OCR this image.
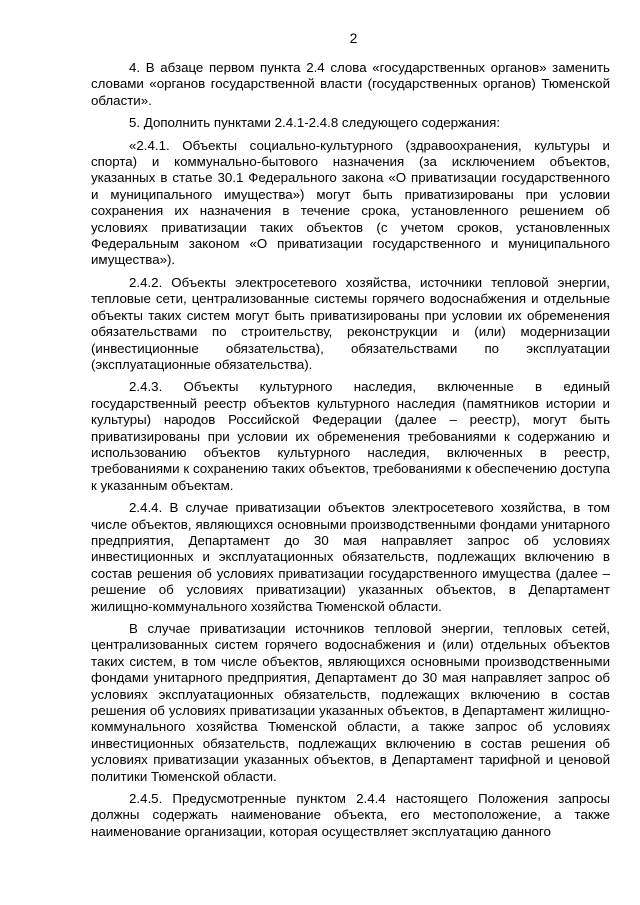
2

4. В абзаце первом пункта 2.4 слова «государственных органов» заменить словами «органов государственной власти (государственных органов) Тюменской области».

5. Дополнить пунктами 2.4.1-2.4.8 следующего содержания:

«2.4.1. Объекты социально-культурного (здравоохранения, культуры и спорта) и коммунально-бытового назначения (за исключением объектов, указанных в статье 30.1 Федерального закона «О приватизации государственного и муниципального имущества») могут быть приватизированы при условии сохранения их назначения в течение срока, установленного решением об условиях приватизации таких объектов (с учетом сроков, установленных Федеральным законом «О приватизации государственного и муниципального имущества»).

2.4.2. Объекты электросетевого хозяйства, источники тепловой энергии, тепловые сети, централизованные системы горячего водоснабжения и отдельные объекты таких систем могут быть приватизированы при условии их обременения обязательствами по строительству, реконструкции и (или) модернизации (инвестиционные обязательства), обязательствами по эксплуатации (эксплуатационные обязательства).

2.4.3. Объекты культурного наследия, включенные в единый государственный реестр объектов культурного наследия (памятников истории и культуры) народов Российской Федерации (далее – реестр), могут быть приватизированы при условии их обременения требованиями к содержанию и использованию объектов культурного наследия, включенных в реестр, требованиями к сохранению таких объектов, требованиями к обеспечению доступа к указанным объектам.

2.4.4. В случае приватизации объектов электросетевого хозяйства, в том числе объектов, являющихся основными производственными фондами унитарного предприятия, Департамент до 30 мая направляет запрос об условиях инвестиционных и эксплуатационных обязательств, подлежащих включению в состав решения об условиях приватизации государственного имущества (далее – решение об условиях приватизации) указанных объектов, в Департамент жилищно-коммунального хозяйства Тюменской области.

В случае приватизации источников тепловой энергии, тепловых сетей, централизованных систем горячего водоснабжения и (или) отдельных объектов таких систем, в том числе объектов, являющихся основными производственными фондами унитарного предприятия, Департамент до 30 мая направляет запрос об условиях эксплуатационных обязательств, подлежащих включению в состав решения об условиях приватизации указанных объектов, в Департамент жилищно-коммунального хозяйства Тюменской области, а также запрос об условиях инвестиционных обязательств, подлежащих включению в состав решения об условиях приватизации указанных объектов, в Департамент тарифной и ценовой политики Тюменской области.

2.4.5. Предусмотренные пунктом 2.4.4 настоящего Положения запросы должны содержать наименование объекта, его местоположение, а также наименование организации, которая осуществляет эксплуатацию данного
